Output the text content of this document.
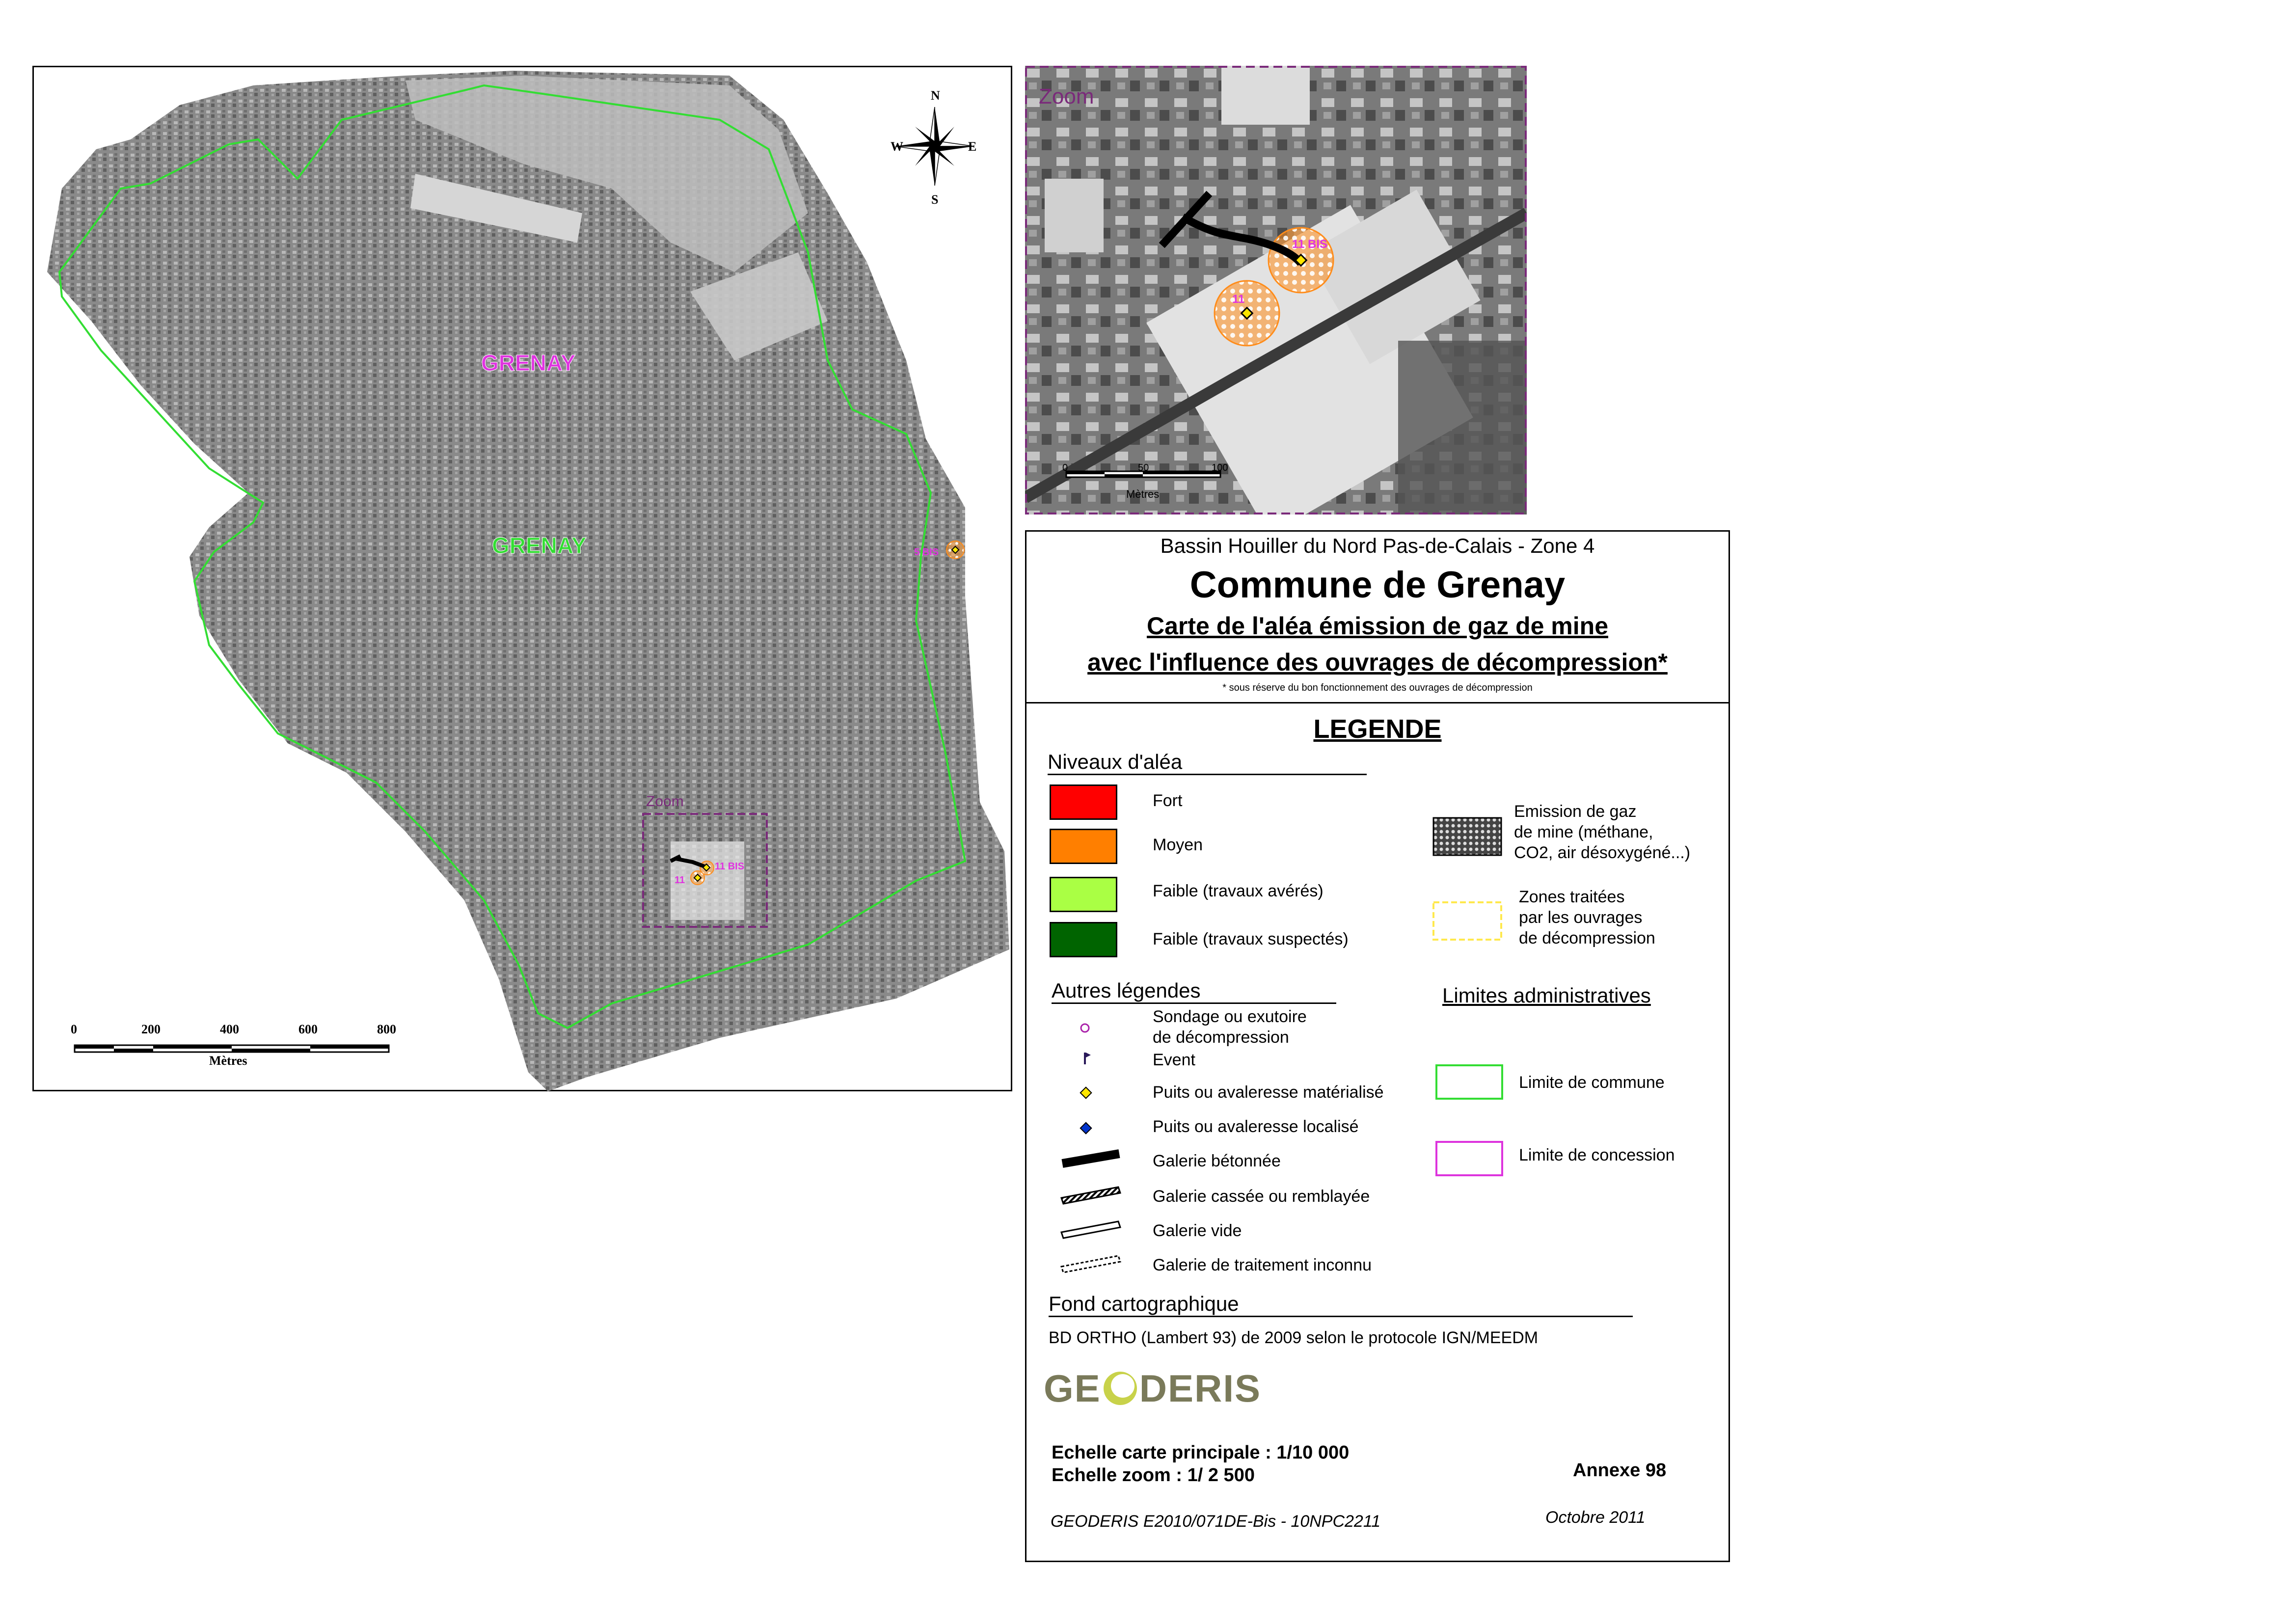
GRENAY
GRENAY
Zoom
11 BIS
11
5 BIS
N
S
W	E
0	200	400	600	800
Mètres
Zoom
11 BIS
11
0	50	100
Mètres
Bassin Houiller du Nord Pas-de-Calais - Zone 4
Commune de Grenay
Carte de l'aléa émission de gaz de mine
avec l'influence des ouvrages de décompression*
* sous réserve du bon fonctionnement des ouvrages de décompression
LEGENDE
Niveaux d'aléa
Fort
Moyen
Faible (travaux avérés)
Faible (travaux suspectés)
Emission de gaz
de mine (méthane,
CO2, air désoxygéné...)
Zones traitées
par les ouvrages
de décompression
Autres légendes
Sondage ou exutoire
de décompression
Event
Puits ou avaleresse matérialisé
Puits ou avaleresse localisé
Galerie bétonnée
Galerie cassée ou remblayée
Galerie vide
Galerie de traitement inconnu
Limites administratives
Limite de commune
Limite de concession
Fond cartographique
BD ORTHO (Lambert 93) de 2009 selon le protocole IGN/MEEDM
GE DERIS
Echelle carte principale : 1/10 000
Echelle zoom : 1/ 2 500	Annexe 98
GEODERIS E2010/071DE-Bis - 10NPC2211	Octobre 2011
